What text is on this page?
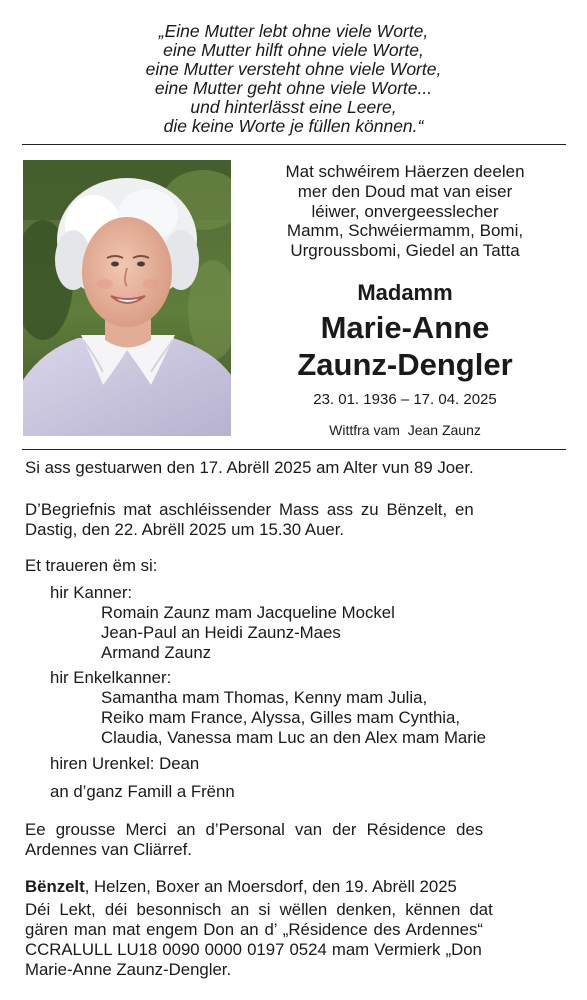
„Eine Mutter lebt ohne viele Worte,
eine Mutter hilft ohne viele Worte,
eine Mutter versteht ohne viele Worte,
eine Mutter geht ohne viele Worte...
und hinterlässt eine Leere,
die keine Worte je füllen können.“
Mat schwéirem Häerzen deelen
mer den Doud mat van eiser
léiwer, onvergeesslecher
Mamm, Schwéiermamm, Bomi,
Urgroussbomi, Giedel an Tatta
Madamm
Marie-Anne
Zaunz-Dengler
23. 01. 1936 – 17. 04. 2025
Wittfra vam  Jean Zaunz
Si ass gestuarwen den 17. Abrëll 2025 am Alter vun 89 Joer.
D’Begriefnis mat aschléissender Mass ass zu Bënzelt, en
Dastig, den 22. Abrëll 2025 um 15.30 Auer.
Et traueren ëm si:
hir Kanner:
Romain Zaunz mam Jacqueline Mockel
Jean-Paul an Heidi Zaunz-Maes
Armand Zaunz
hir Enkelkanner:
Samantha mam Thomas, Kenny mam Julia,
Reiko mam France, Alyssa, Gilles mam Cynthia,
Claudia, Vanessa mam Luc an den Alex mam Marie
hiren Urenkel: Dean
an d’ganz Famill a Frënn
Ee grousse Merci an d’Personal van der Résidence des
Ardennes van Cliärref.
Bënzelt, Helzen, Boxer an Moersdorf, den 19. Abrëll 2025
Déi Lekt, déi besonnisch an si wëllen denken, kënnen dat
gären man mat engem Don an d’ „Résidence des Ardennes“
CCRALULL LU18 0090 0000 0197 0524 mam Vermierk „Don
Marie-Anne Zaunz-Dengler.
